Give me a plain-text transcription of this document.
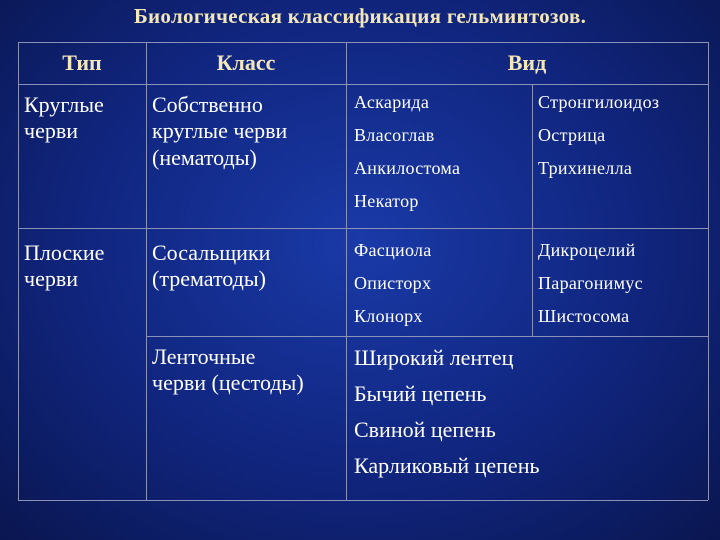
Биологическая классификация гельминтозов.
Тип	Класс	Вид
Круглые
черви
Собственно
круглые черви
(нематоды)
Аскарида
Власоглав
Анкилостома
Некатор
Стронгилоидоз
Острица
Трихинелла
Плоские
черви
Сосальщики
(трематоды)
Фасциола
Описторх
Клонорх
Дикроцелий
Парагонимус
Шистосома
Ленточные
черви (цестоды)
Широкий лентец
Бычий цепень
Свиной цепень
Карликовый цепень
